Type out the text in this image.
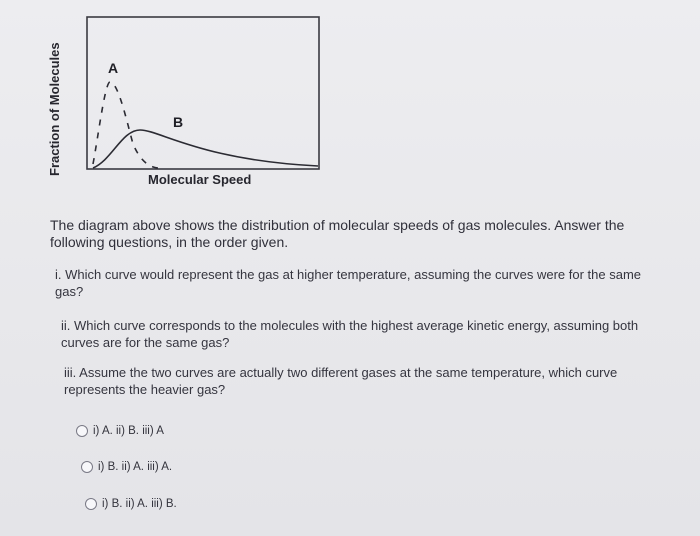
A
B
Molecular Speed
Fraction of Molecules
The diagram above shows the distribution of molecular speeds of gas molecules. Answer the following questions, in the order given.
i. Which curve would represent the gas at higher temperature, assuming the curves were for the same gas?
ii. Which curve corresponds to the molecules with the highest average kinetic energy, assuming both curves are for the same gas?
iii. Assume the two curves are actually two different gases at the same temperature, which curve represents the heavier gas?
i) A. ii) B. iii) A
i) B. ii) A. iii) A.
i) B. ii) A. iii) B.
